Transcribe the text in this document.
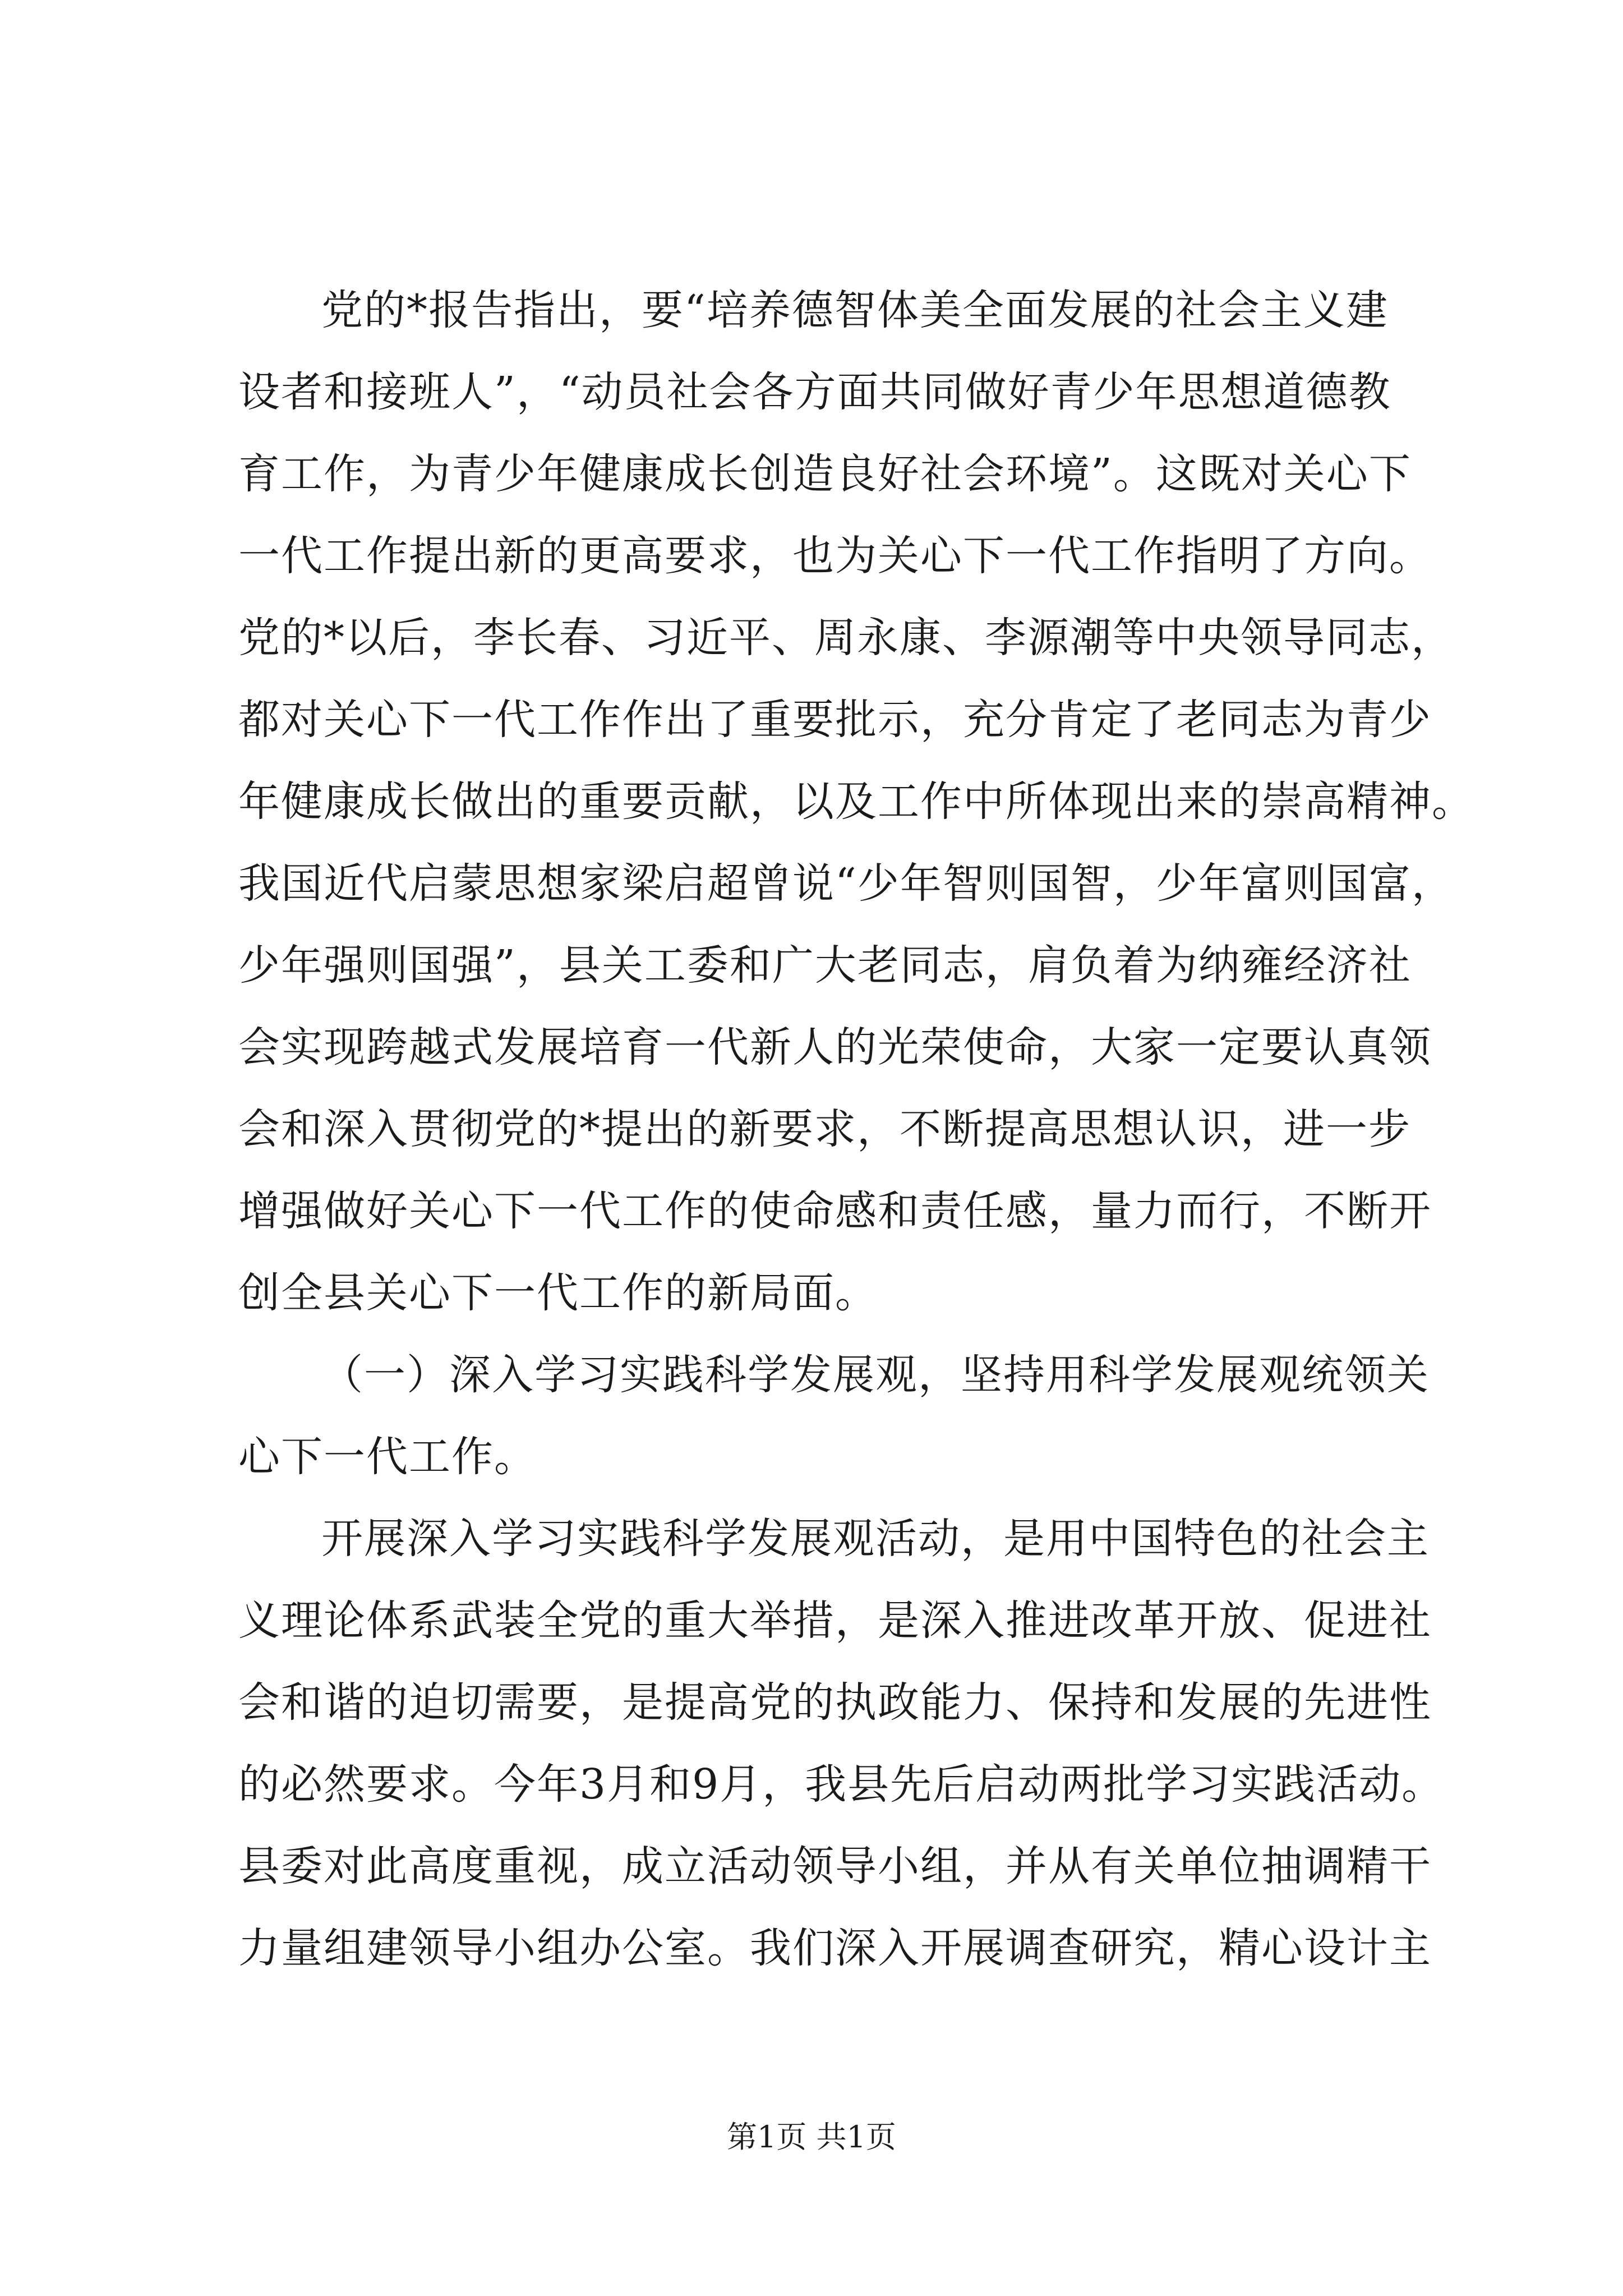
党的*报告指出，要“培养德智体美全面发展的社会主义建
设者和接班人”，“动员社会各方面共同做好青少年思想道德教
育工作，为青少年健康成长创造良好社会环境”。这既对关心下
一代工作提出新的更高要求，也为关心下一代工作指明了方向。
党的*以后，李长春、习近平、周永康、李源潮等中央领导同志，
都对关心下一代工作作出了重要批示，充分肯定了老同志为青少
年健康成长做出的重要贡献，以及工作中所体现出来的崇高精神。
我国近代启蒙思想家梁启超曾说“少年智则国智，少年富则国富，
少年强则国强”，县关工委和广大老同志，肩负着为纳雍经济社
会实现跨越式发展培育一代新人的光荣使命，大家一定要认真领
会和深入贯彻党的*提出的新要求，不断提高思想认识，进一步
增强做好关心下一代工作的使命感和责任感，量力而行，不断开
创全县关心下一代工作的新局面。
（一）深入学习实践科学发展观，坚持用科学发展观统领关
心下一代工作。
开展深入学习实践科学发展观活动，是用中国特色的社会主
义理论体系武装全党的重大举措，是深入推进改革开放、促进社
会和谐的迫切需要，是提高党的执政能力、保持和发展的先进性
的必然要求。今年3月和9月，我县先后启动两批学习实践活动。
县委对此高度重视，成立活动领导小组，并从有关单位抽调精干
力量组建领导小组办公室。我们深入开展调查研究，精心设计主
第1页 共1页
